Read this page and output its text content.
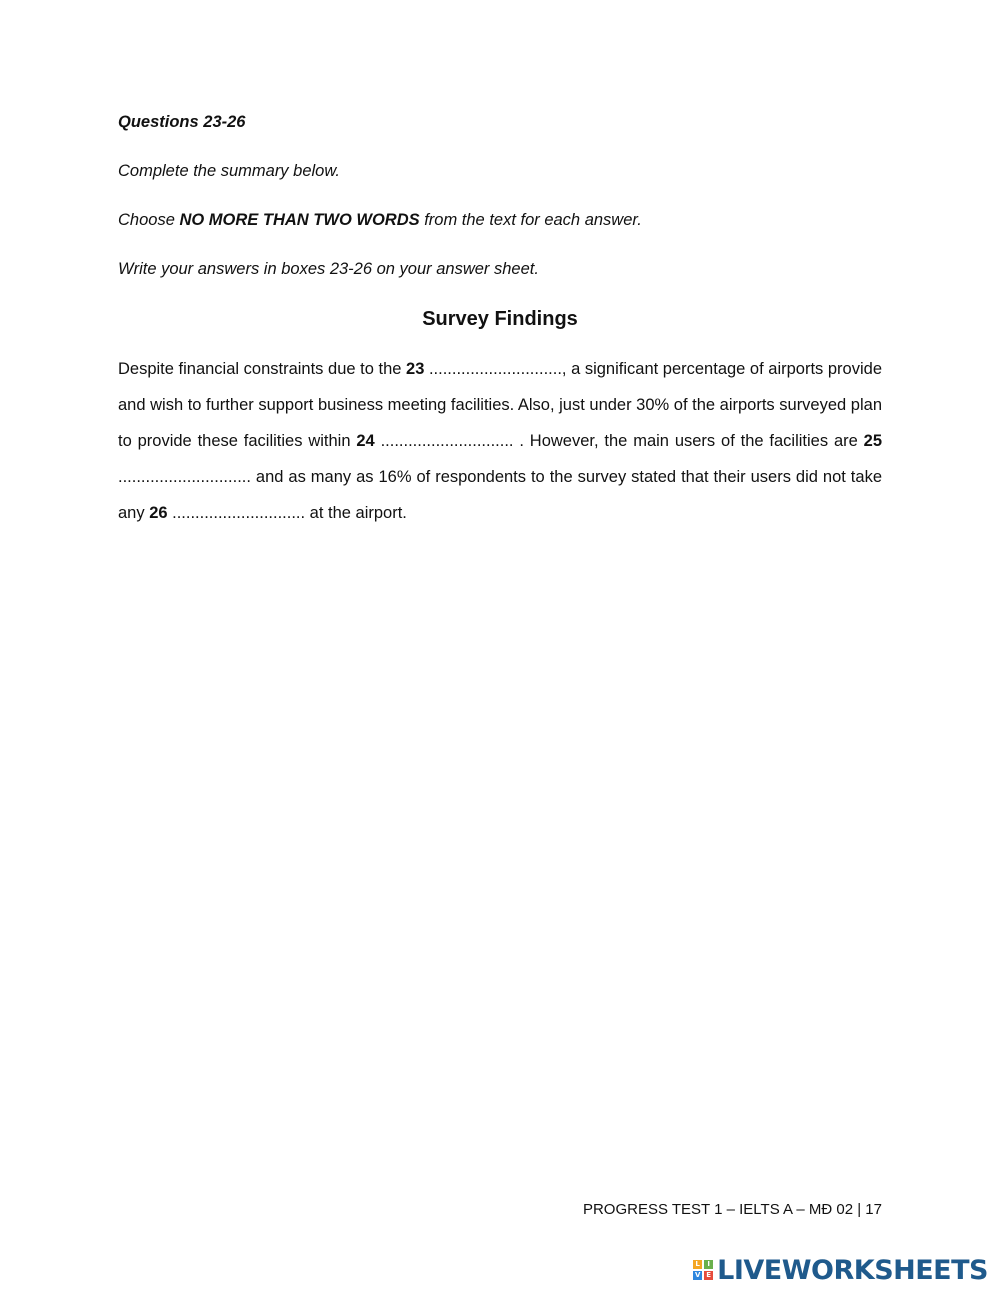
Questions 23-26

Complete the summary below.

Choose NO MORE THAN TWO WORDS from the text for each answer.

Write your answers in boxes 23-26 on your answer sheet.

Survey Findings

Despite financial constraints due to the 23 ............................., a significant percentage of airports provide and wish to further support business meeting facilities. Also, just under 30% of the airports surveyed plan to provide these facilities within 24 ............................. . However, the main users of the facilities are 25 ............................. and as many as 16% of respondents to the survey stated that their users did not take any 26 ............................. at the airport.

PROGRESS TEST 1 – IELTS A – MĐ 02 | 17
L	I
V E LIVEWORKSHEETS
